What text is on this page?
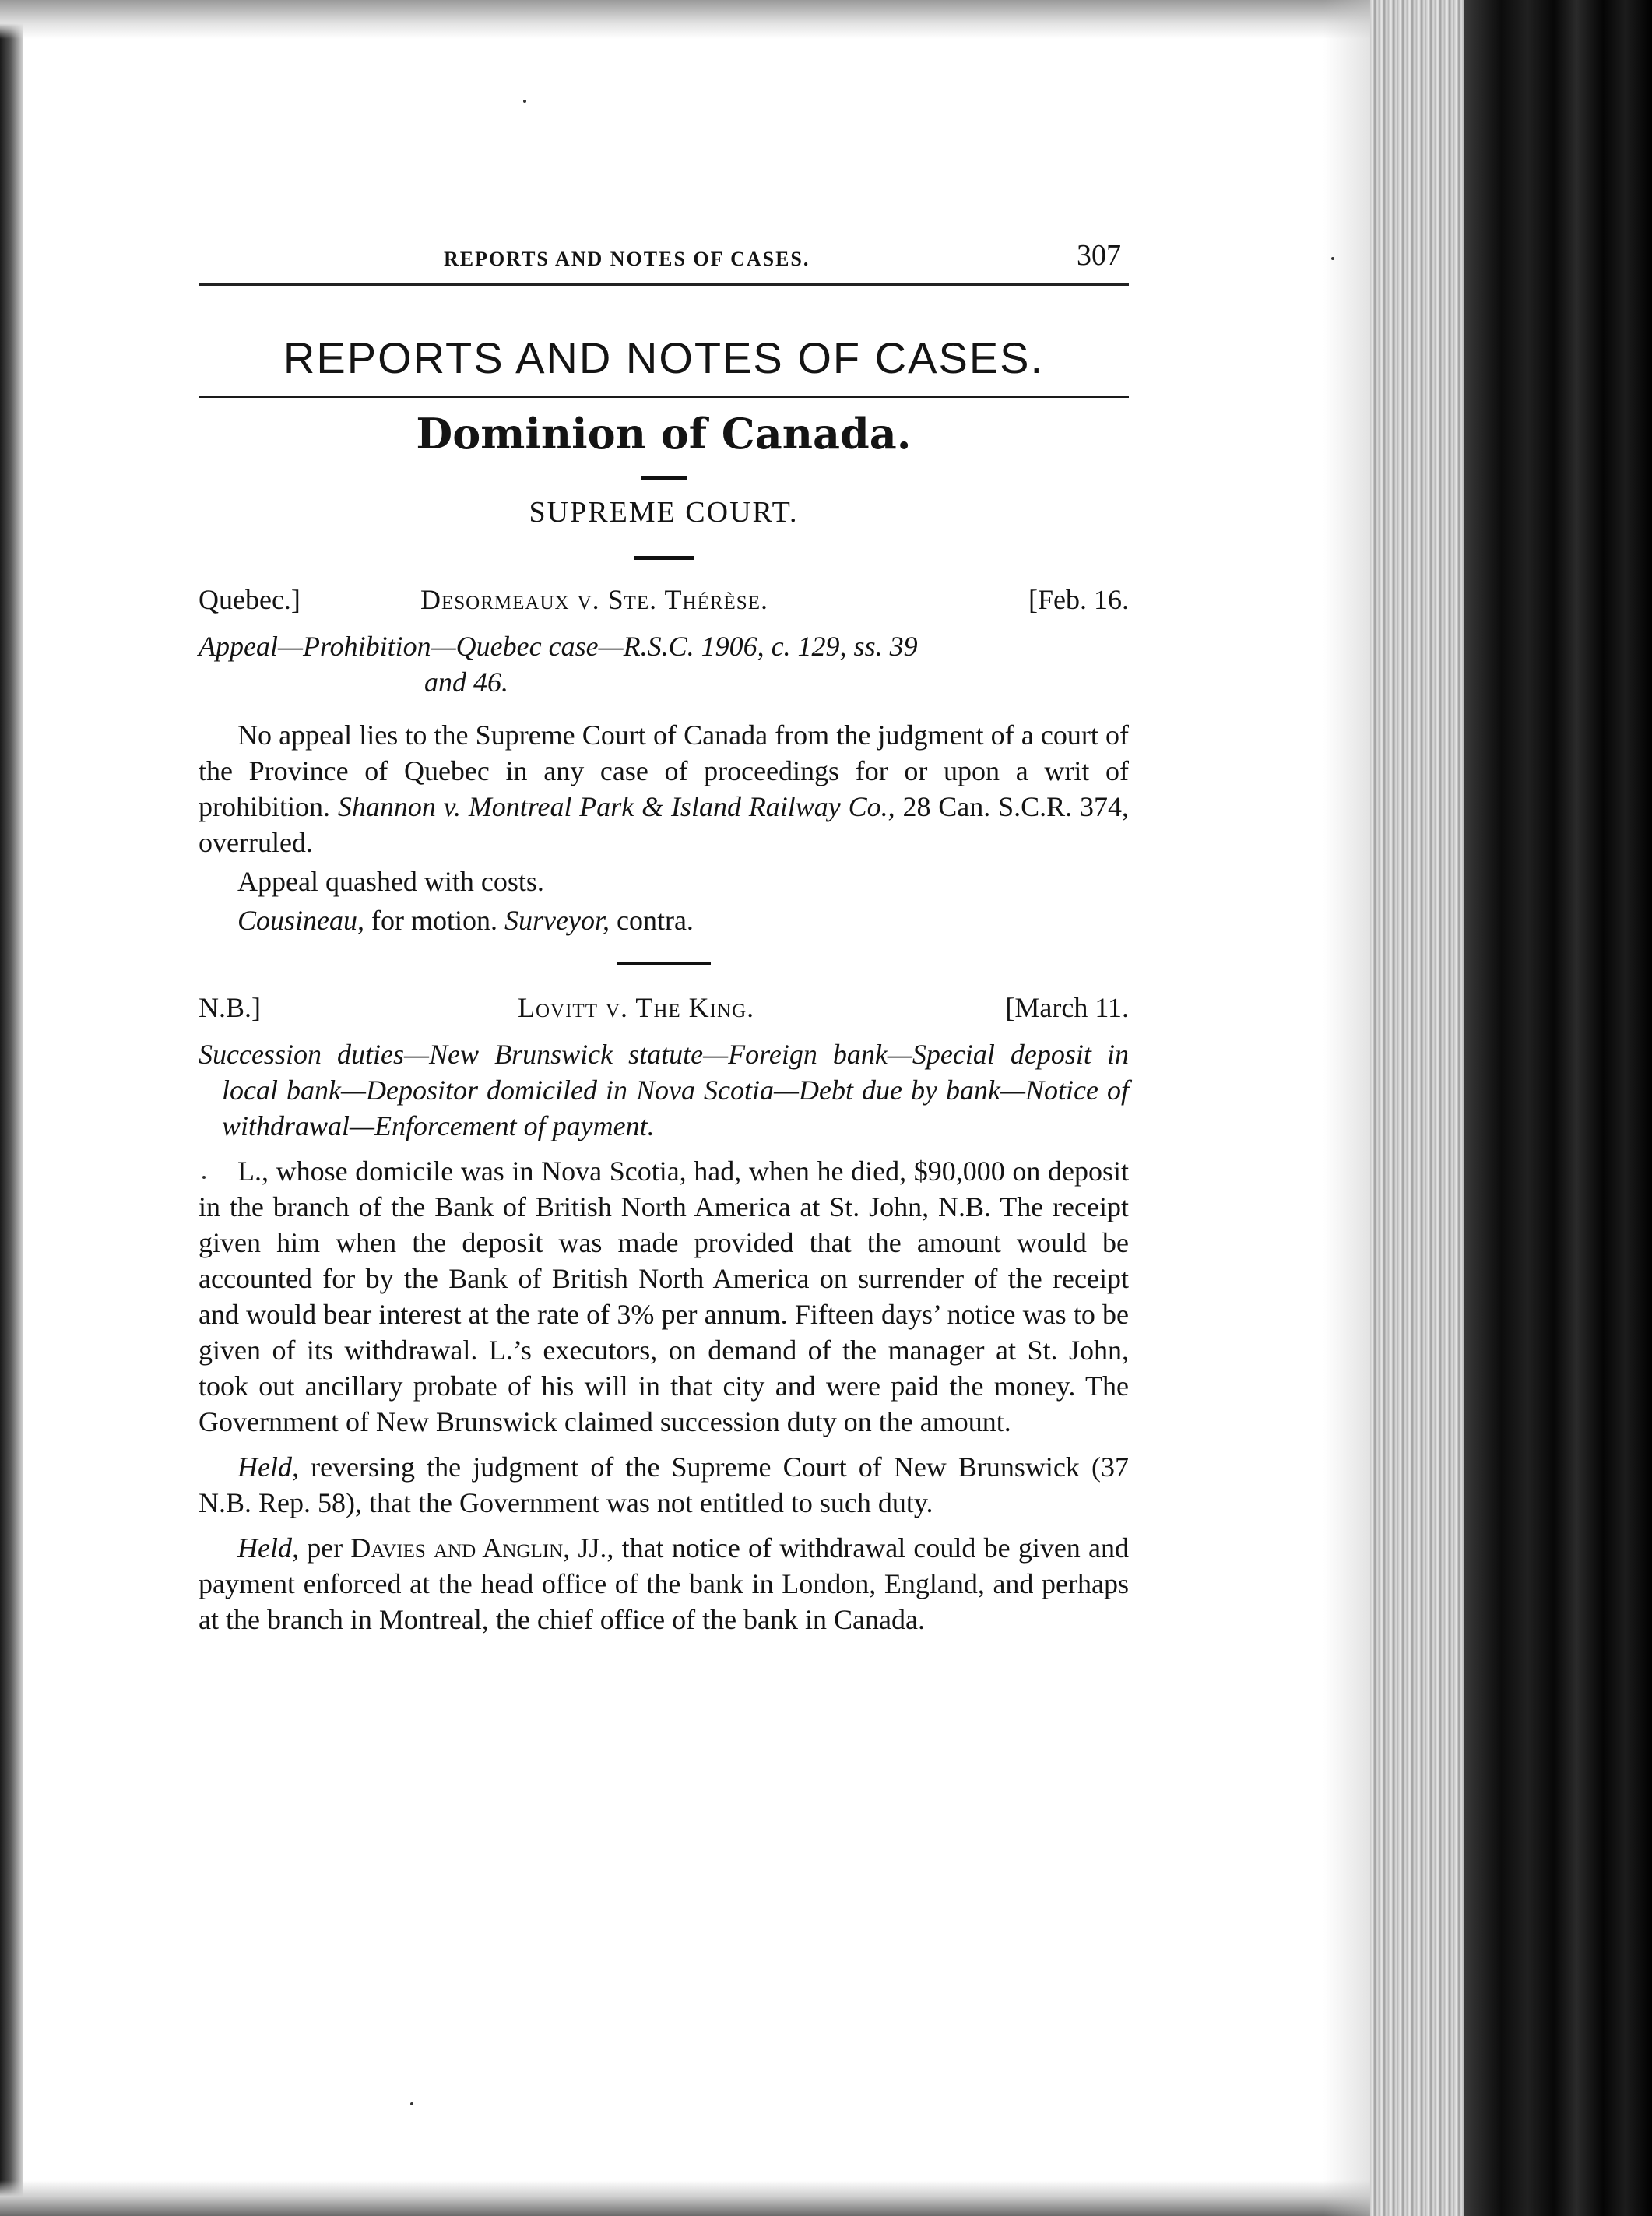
REPORTS AND NOTES OF CASES.	307
REPORTS AND NOTES OF CASES.
Dominion of Canada.
SUPREME COURT.
Quebec.]	Desormeaux v. Ste. Thérèse.	[Feb. 16.
Appeal—Prohibition—Quebec case—R.S.C. 1906, c. 129, ss. 39
and 46.

No appeal lies to the Supreme Court of Canada from the judgment of a court of the Province of Quebec in any case of proceedings for or upon a writ of prohibition. Shannon v. Montreal Park & Island Railway Co., 28 Can. S.C.R. 374, overruled.

Appeal quashed with costs.

Cousineau, for motion. Surveyor, contra.

N.B.]	Lovitt v. The King.	[March 11.
Succession duties—New Brunswick statute—Foreign bank—Special deposit in local bank—Depositor domiciled in Nova Scotia—Debt due by bank—Notice of withdrawal—Enforcement of payment.

L., whose domicile was in Nova Scotia, had, when he died, $90,000 on deposit in the branch of the Bank of British North America at St. John, N.B. The receipt given him when the deposit was made provided that the amount would be accounted for by the Bank of British North America on surrender of the receipt and would bear interest at the rate of 3% per annum. Fifteen days’ notice was to be given of its withdrawal. L.’s executors, on demand of the manager at St. John, took out ancillary probate of his will in that city and were paid the money. The Government of New Brunswick claimed succession duty on the amount.

Held, reversing the judgment of the Supreme Court of New Brunswick (37 N.B. Rep. 58), that the Government was not entitled to such duty.

Held, per Davies and Anglin, JJ., that notice of withdrawal could be given and payment enforced at the head office of the bank in London, England, and perhaps at the branch in Montreal, the chief office of the bank in Canada.
